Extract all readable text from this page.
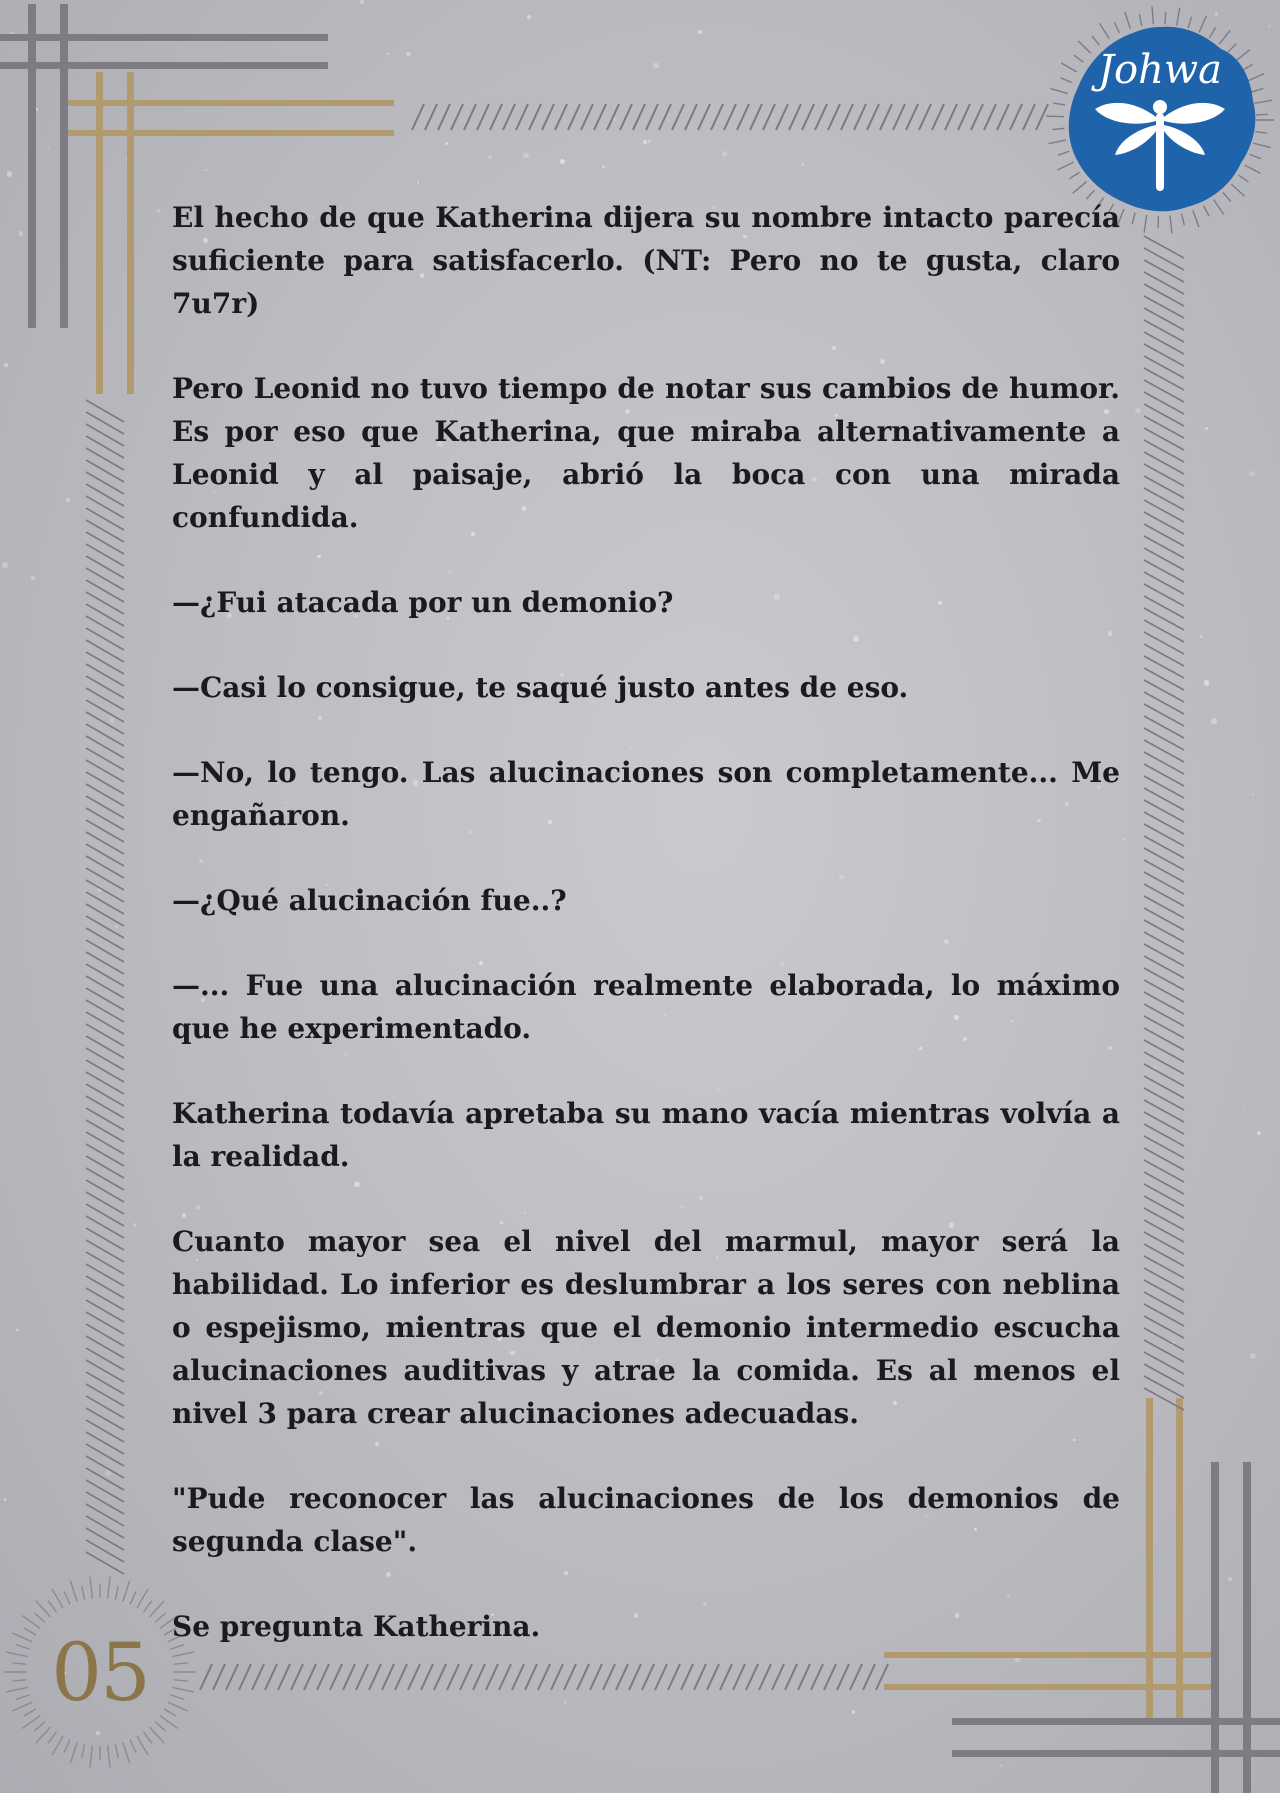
05
Johwa

El hecho de que Katherina dijera su nombre intacto parecía suficiente para satisfacerlo. (NT: Pero no te gusta, claro 7u7r)

Pero Leonid no tuvo tiempo de notar sus cambios de humor. Es por eso que Katherina, que miraba alternativamente a Leonid y al paisaje, abrió la boca con una mirada confundida.

—¿Fui atacada por un demonio?

—Casi lo consigue, te saqué justo antes de eso.

—No, lo tengo. Las alucinaciones son completamente... Me engañaron.

—¿Qué alucinación fue..?

—... Fue una alucinación realmente elaborada, lo máximo que he experimentado.

Katherina todavía apretaba su mano vacía mientras volvía a la realidad.

Cuanto mayor sea el nivel del marmul, mayor será la habilidad. Lo inferior es deslumbrar a los seres con neblina o espejismo, mientras que el demonio intermedio escucha alucinaciones auditivas y atrae la comida. Es al menos el nivel 3 para crear alucinaciones adecuadas.

"Pude reconocer las alucinaciones de los demonios de segunda clase".

Se pregunta Katherina.
